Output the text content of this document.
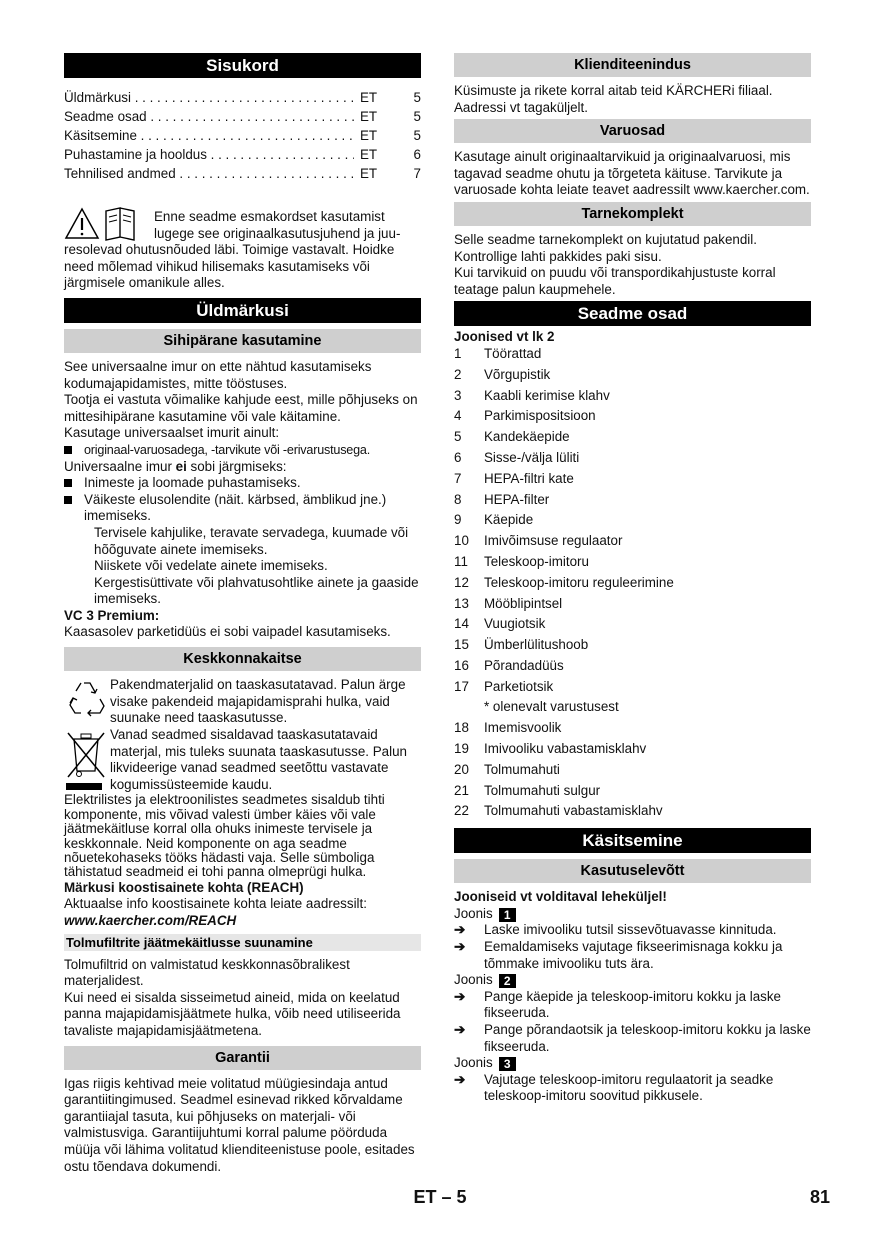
Sisukord
Üldmärkusi . . .	ET	5
Seadme osad . . .	ET	5
Käsitsemine . . .	ET	5
Puhastamine ja hooldus . . .	ET	6
Tehnilised andmed . . .	ET	7

Enne seadme esmakordset kasutamist lugege see originaalkasutusjuhend ja juu-

resolevad ohutusnõuded läbi. Toimige vastavalt. Hoidke need mõlemad vihikud hilisemaks kasutamiseks või järgmisele omanikule alles.

Üldmärkusi
Sihipärane kasutamine

See universaalne imur on ette nähtud kasutamiseks kodumajapidamistes, mitte tööstuses.

Tootja ei vastuta võimalike kahjude eest, mille põhjuseks on mittesihipärane kasutamine või vale käitamine.

Kasutage universaalset imurit ainult:

originaal-varuosadega, -tarvikute või -erivarustusega.

Universaalne imur ei sobi järgmiseks:

Inimeste ja loomade puhastamiseks.
Väikeste elusolendite (näit. kärbsed, ämblikud jne.) imemiseks.

Tervisele kahjulike, teravate servadega, kuumade või hõõguvate ainete imemiseks.

Niiskete või vedelate ainete imemiseks.

Kergestisüttivate või plahvatusohtlike ainete ja gaaside imemiseks.

VC 3 Premium:

Kaasasolev parketidüüs ei sobi vaipadel kasutamiseks.

Keskkonnakaitse

Pakendmaterjalid on taaskasutatavad. Palun ärge visake pakendeid majapidamisprahi hulka, vaid suunake need taaskasutusse.

Vanad seadmed sisaldavad taaskasutatavaid materjal, mis tuleks suunata taaskasutusse. Palun likvideerige vanad seadmed seetõttu vastavate kogumissüsteemide kaudu.

Elektrilistes ja elektroonilistes seadmetes sisaldub tihti komponente, mis võivad valesti ümber käies või vale jäätmekäitluse korral olla ohuks inimeste tervisele ja keskkonnale. Neid komponente on aga seadme nõuetekohaseks tööks hädasti vaja. Selle sümboliga tähistatud seadmeid ei tohi panna olmeprügi hulka.

Märkusi koostisainete kohta (REACH)

Aktuaalse info koostisainete kohta leiate aadressilt:

www.kaercher.com/REACH

Tolmufiltrite jäätmekäitlusse suunamine

Tolmufiltrid on valmistatud keskkonnasõbralikest materjalidest.

Kui need ei sisalda sisseimetud aineid, mida on keelatud panna majapidamisjäätmete hulka, võib need utiliseerida tavaliste majapidamisjäätmetena.

Garantii

Igas riigis kehtivad meie volitatud müügiesindaja antud garantiitingimused. Seadmel esinevad rikked kõrvaldame garantiiajal tasuta, kui põhjuseks on materjali- või valmistusviga. Garantiijuhtumi korral palume pöörduda müüja või lähima volitatud klienditeenistuse poole, esitades ostu tõendava dokumendi.

Klienditeenindus

Küsimuste ja rikete korral aitab teid KÄRCHERi filiaal. Aadressi vt tagaküljelt.

Varuosad

Kasutage ainult originaaltarvikuid ja originaalvaruosi, mis tagavad seadme ohutu ja tõrgeteta käituse. Tarvikute ja varuosade kohta leiate teavet aadressilt www.kaercher.com.

Tarnekomplekt

Selle seadme tarnekomplekt on kujutatud pakendil. Kontrollige lahti pakkides paki sisu.

Kui tarvikuid on puudu või transpordikahjustuste korral teatage palun kaupmehele.

Seadme osad

Joonised vt lk 2

1	Töörattad
2	Võrgupistik
3	Kaabli kerimise klahv
4	Parkimispositsioon
5	Kandekäepide
6	Sisse-/välja lüliti
7	HEPA-filtri kate
8	HEPA-filter
9	Käepide
10	Imivõimsuse regulaator
11	Teleskoop-imitoru
12	Teleskoop-imitoru reguleerimine
13	Mööblipintsel
14	Vuugiotsik
15	Ümberlülitushoob
16	Põrandadüüs
17	Parketiotsik
* olenevalt varustusest
18	Imemisvoolik
19	Imivooliku vabastamisklahv
20	Tolmumahuti
21	Tolmumahuti sulgur
22	Tolmumahuti vabastamisklahv
Käsitsemine
Kasutuselevõtt

Jooniseid vt volditaval leheküljel!

Joonis 1

➔	Laske imivooliku tutsil sissevõtuavasse kinnituda.
➔	Eemaldamiseks vajutage fikseerimisnaga kokku ja tõmmake imivooliku tuts ära.

Joonis 2

➔	Pange käepide ja teleskoop-imitoru kokku ja laske fikseeruda.
➔	Pange põrandaotsik ja teleskoop-imitoru kokku ja laske fikseeruda.

Joonis 3

➔	Vajutage teleskoop-imitoru regulaatorit ja seadke teleskoop-imitoru soovitud pikkusele.
ET – 5	81
